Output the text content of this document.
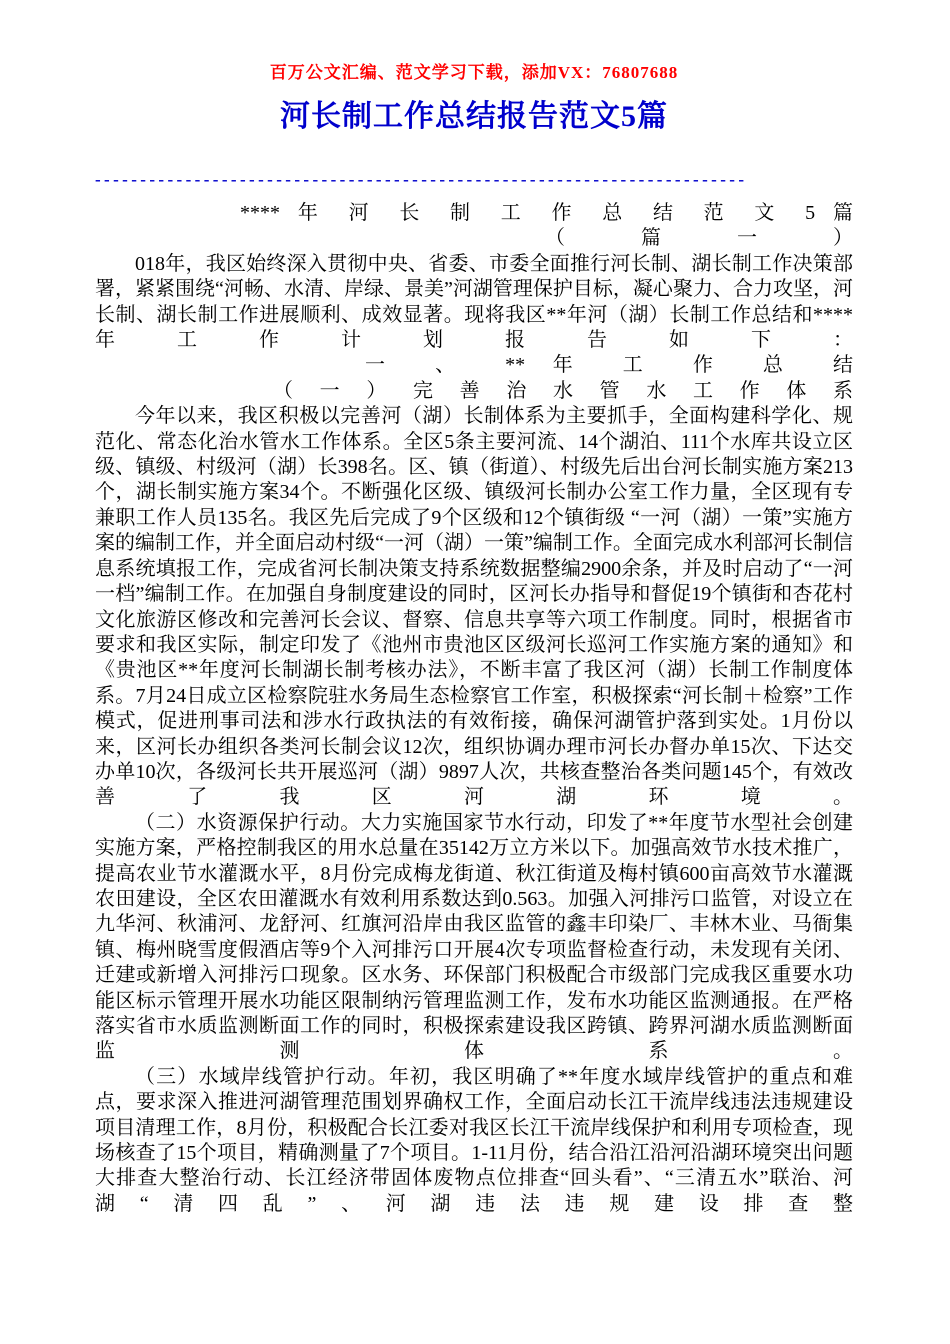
百万公文汇编、范文学习下载，添加VX：76807688
河长制工作总结报告范文5篇
------------------------------------------------------------------------

**** 年 河 长 制 工 作 总 结 范 文 5 篇

（ 篇 一 ）

018年，我区始终深入贯彻中央、省委、市委全面推行河长制、湖长制工作决策部署，紧紧围绕“河畅、水清、岸绿、景美”河湖管理保护目标，凝心聚力、合力攻坚，河长制、湖长制工作进展顺利、成效显著。现将我区**年河（湖）长制工作总结和****年工作计划报告如下：

一 、 ** 年 工 作 总 结

（ 一 ） 完 善 治 水 管 水 工 作 体 系

今年以来，我区积极以完善河（湖）长制体系为主要抓手，全面构建科学化、规范化、常态化治水管水工作体系。全区5条主要河流、14个湖泊、111个水库共设立区级、镇级、村级河（湖）长398名。区、镇（街道）、村级先后出台河长制实施方案213个，湖长制实施方案34个。不断强化区级、镇级河长制办公室工作力量，全区现有专兼职工作人员135名。我区先后完成了9个区级和12个镇街级 “一河（湖）一策”实施方案的编制工作，并全面启动村级“一河（湖）一策”编制工作。全面完成水利部河长制信息系统填报工作，完成省河长制决策支持系统数据整编2900余条，并及时启动了“一河一档”编制工作。在加强自身制度建设的同时，区河长办指导和督促19个镇街和杏花村文化旅游区修改和完善河长会议、督察、信息共享等六项工作制度。同时，根据省市要求和我区实际，制定印发了《池州市贵池区区级河长巡河工作实施方案的通知》和《贵池区**年度河长制湖长制考核办法》，不断丰富了我区河（湖）长制工作制度体系。7月24日成立区检察院驻水务局生态检察官工作室，积极探索“河长制＋检察”工作模式，促进刑事司法和涉水行政执法的有效衔接，确保河湖管护落到实处。1月份以来，区河长办组织各类河长制会议12次，组织协调办理市河长办督办单15次、下达交办单10次，各级河长共开展巡河（湖）9897人次，共核查整治各类问题145个，有效改善了我区河湖环境。

（二）水资源保护行动。大力实施国家节水行动，印发了**年度节水型社会创建实施方案，严格控制我区的用水总量在35142万立方米以下。加强高效节水技术推广，提高农业节水灌溉水平，8月份完成梅龙街道、秋江街道及梅村镇600亩高效节水灌溉农田建设，全区农田灌溉水有效利用系数达到0.563。加强入河排污口监管，对设立在九华河、秋浦河、龙舒河、红旗河沿岸由我区监管的鑫丰印染厂、丰林木业、马衙集镇、梅州晓雪度假酒店等9个入河排污口开展4次专项监督检查行动，未发现有关闭、迁建或新增入河排污口现象。区水务、环保部门积极配合市级部门完成我区重要水功能区标示管理开展水功能区限制纳污管理监测工作，发布水功能区监测通报。在严格落实省市水质监测断面工作的同时，积极探索建设我区跨镇、跨界河湖水质监测断面监测体系。

（三）水域岸线管护行动。年初，我区明确了**年度水域岸线管护的重点和难点，要求深入推进河湖管理范围划界确权工作，全面启动长江干流岸线违法违规建设项目清理工作，8月份，积极配合长江委对我区长江干流岸线保护和利用专项检查，现场核查了15个项目，精确测量了7个项目。1-11月份，结合沿江沿河沿湖环境突出问题大排查大整治行动、长江经济带固体废物点位排查“回头看”、“三清五水”联治、河湖“清四乱”、河湖违法违规建设排查整
